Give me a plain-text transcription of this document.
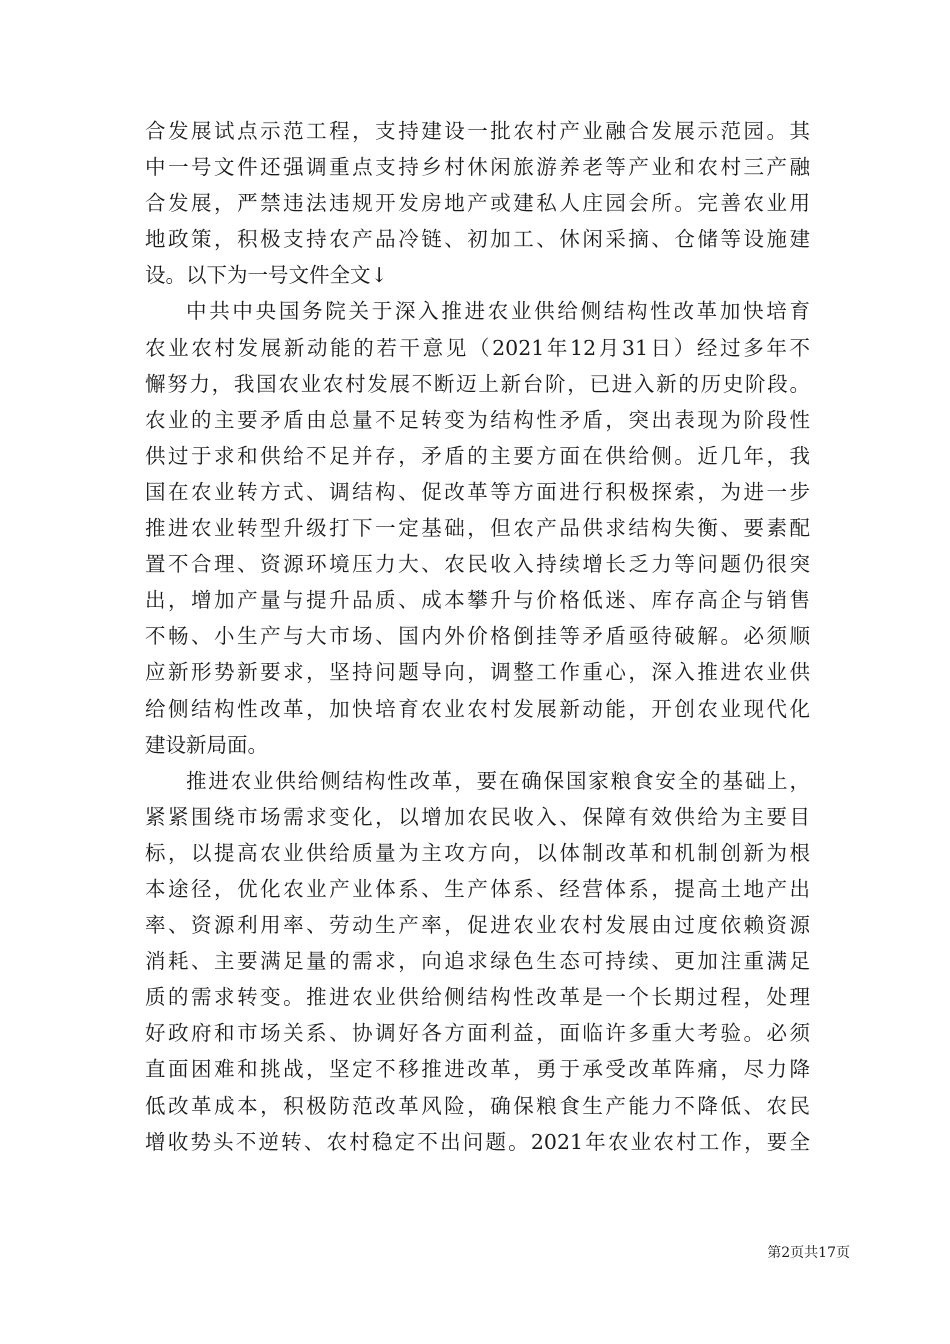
合发展试点示范工程，支持建设一批农村产业融合发展示范园。其
中一号文件还强调重点支持乡村休闲旅游养老等产业和农村三产融
合发展，严禁违法违规开发房地产或建私人庄园会所。完善农业用
地政策，积极支持农产品冷链、初加工、休闲采摘、仓储等设施建
设。以下为一号文件全文↓
中共中央国务院关于深入推进农业供给侧结构性改革加快培育
农业农村发展新动能的若干意见（2021年12月31日）经过多年不
懈努力，我国农业农村发展不断迈上新台阶，已进入新的历史阶段。
农业的主要矛盾由总量不足转变为结构性矛盾，突出表现为阶段性
供过于求和供给不足并存，矛盾的主要方面在供给侧。近几年，我
国在农业转方式、调结构、促改革等方面进行积极探索，为进一步
推进农业转型升级打下一定基础，但农产品供求结构失衡、要素配
置不合理、资源环境压力大、农民收入持续增长乏力等问题仍很突
出，增加产量与提升品质、成本攀升与价格低迷、库存高企与销售
不畅、小生产与大市场、国内外价格倒挂等矛盾亟待破解。必须顺
应新形势新要求，坚持问题导向，调整工作重心，深入推进农业供
给侧结构性改革，加快培育农业农村发展新动能，开创农业现代化
建设新局面。
推进农业供给侧结构性改革，要在确保国家粮食安全的基础上，
紧紧围绕市场需求变化，以增加农民收入、保障有效供给为主要目
标，以提高农业供给质量为主攻方向，以体制改革和机制创新为根
本途径，优化农业产业体系、生产体系、经营体系，提高土地产出
率、资源利用率、劳动生产率，促进农业农村发展由过度依赖资源
消耗、主要满足量的需求，向追求绿色生态可持续、更加注重满足
质的需求转变。推进农业供给侧结构性改革是一个长期过程，处理
好政府和市场关系、协调好各方面利益，面临许多重大考验。必须
直面困难和挑战，坚定不移推进改革，勇于承受改革阵痛，尽力降
低改革成本，积极防范改革风险，确保粮食生产能力不降低、农民
增收势头不逆转、农村稳定不出问题。2021年农业农村工作，要全
第2页共17页
